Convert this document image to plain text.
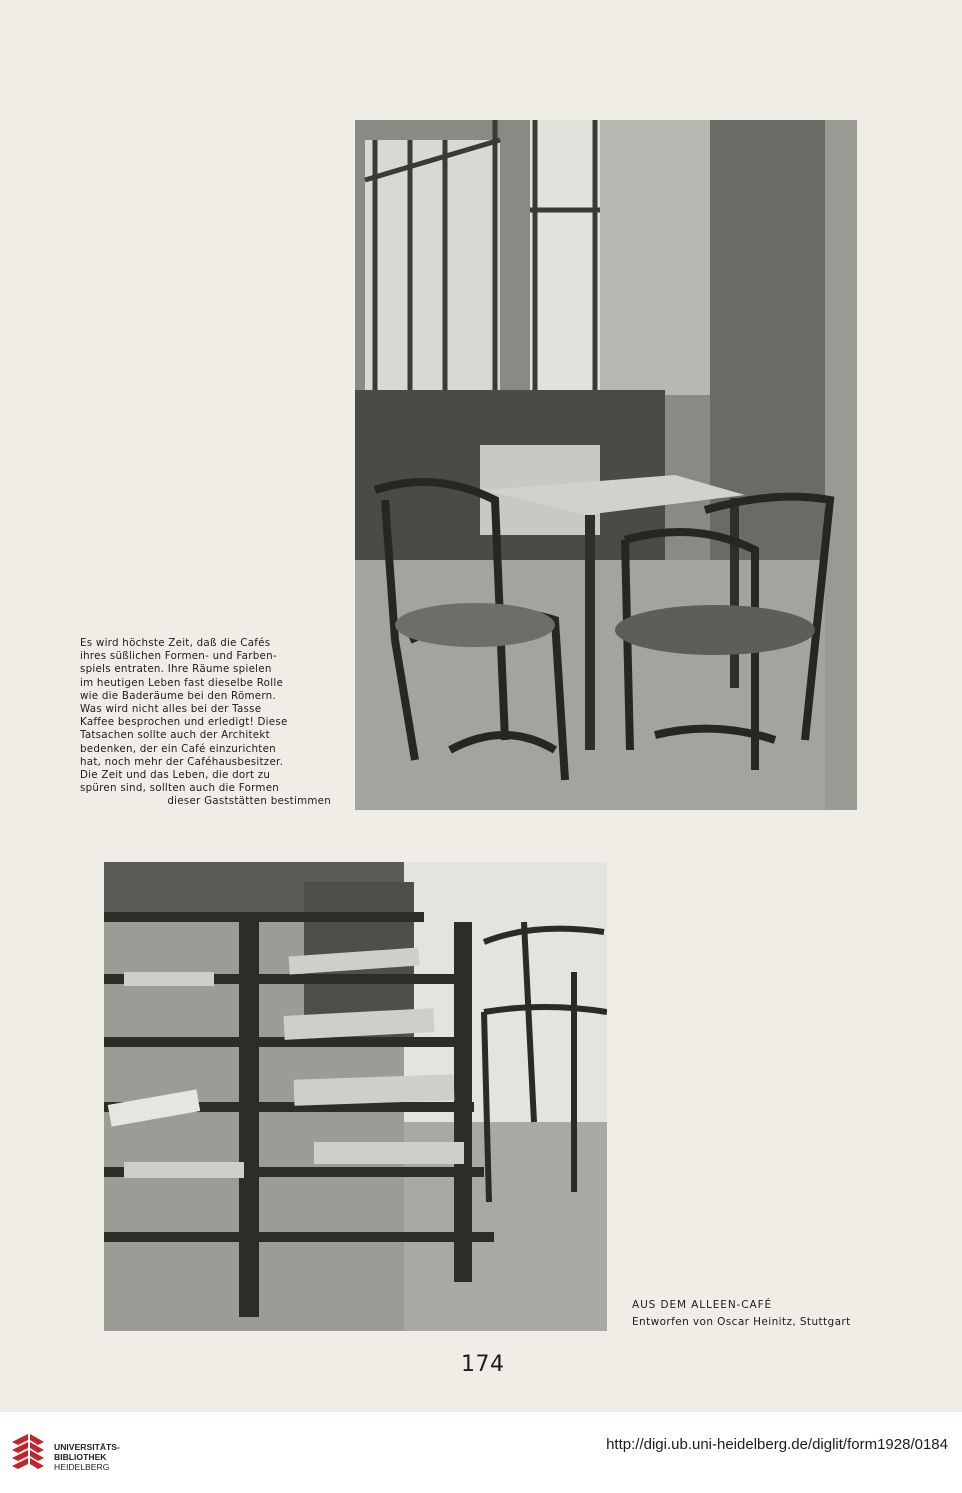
Es wird höchste Zeit, daß die Cafés
ihres süßlichen Formen- und Farben-
spiels entraten. Ihre Räume spielen
im heutigen Leben fast dieselbe Rolle
wie die Baderäume bei den Römern.
Was wird nicht alles bei der Tasse
Kaffee besprochen und erledigt! Diese
Tatsachen sollte auch der Architekt
bedenken, der ein Café einzurichten
hat, noch mehr der Caféhausbesitzer.
Die Zeit und das Leben, die dort zu
spüren sind, sollten auch die Formen
dieser Gaststätten bestimmen
AUS DEM ALLEEN-CAFÉ
Entworfen von Oscar Heinitz, Stuttgart
174
UNIVERSITÄTS-
BIBLIOTHEK
HEIDELBERG
http://digi.ub.uni-heidelberg.de/diglit/form1928/0184
